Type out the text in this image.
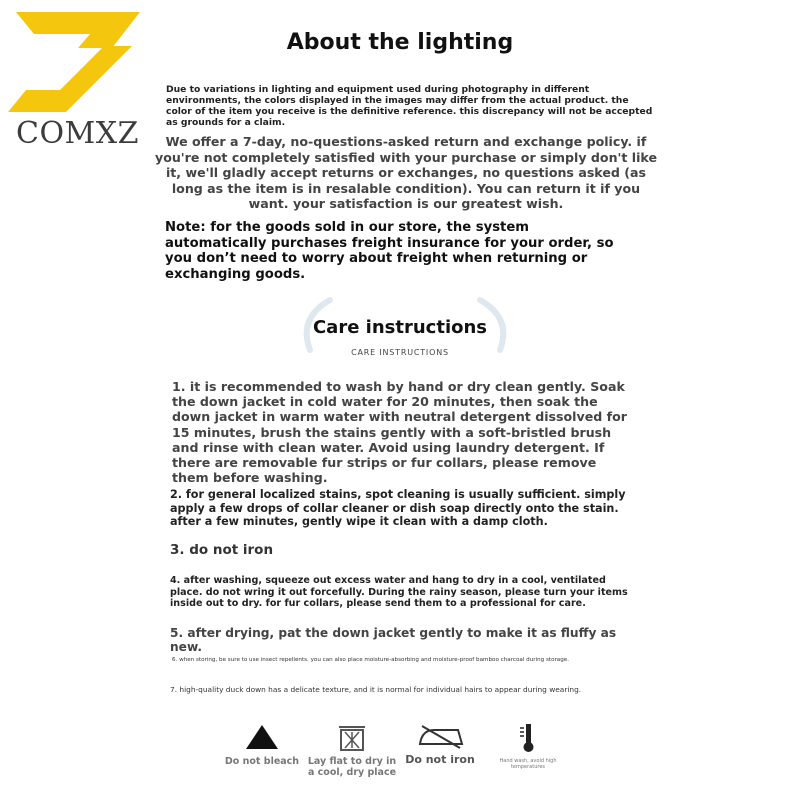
COMXZ
About the lighting
Due to variations in lighting and equipment used during photography in different environments, the colors displayed in the images may differ from the actual product. the color of the item you receive is the definitive reference. this discrepancy will not be accepted as grounds for a claim.
We offer a 7-day, no-questions-asked return and exchange policy. if you're not completely satisfied with your purchase or simply don't like it, we'll gladly accept returns or exchanges, no questions asked (as long as the item is in resalable condition). You can return it if you want. your satisfaction is our greatest wish.
Note: for the goods sold in our store, the system automatically purchases freight insurance for your order, so you don’t need to worry about freight when returning or exchanging goods.
Care instructions
CARE INSTRUCTIONS
1. it is recommended to wash by hand or dry clean gently. Soak the down jacket in cold water for 20 minutes, then soak the down jacket in warm water with neutral detergent dissolved for 15 minutes, brush the stains gently with a soft-bristled brush and rinse with clean water. Avoid using laundry detergent. If there are removable fur strips or fur collars, please remove them before washing.
2. for general localized stains, spot cleaning is usually sufficient. simply apply a few drops of collar cleaner or dish soap directly onto the stain. after a few minutes, gently wipe it clean with a damp cloth.
3. do not iron
4. after washing, squeeze out excess water and hang to dry in a cool, ventilated place. do not wring it out forcefully. During the rainy season, please turn your items inside out to dry. for fur collars, please send them to a professional for care.
5. after drying, pat the down jacket gently to make it as fluffy as new.
6. when storing, be sure to use insect repellents. you can also place moisture-absorbing and moisture-proof bamboo charcoal during storage.
7. high-quality duck down has a delicate texture, and it is normal for individual hairs to appear during wearing.
Do not bleach Lay flat to dry in a cool, dry place
Do not iron	Hand wash, avoid high temperatures
